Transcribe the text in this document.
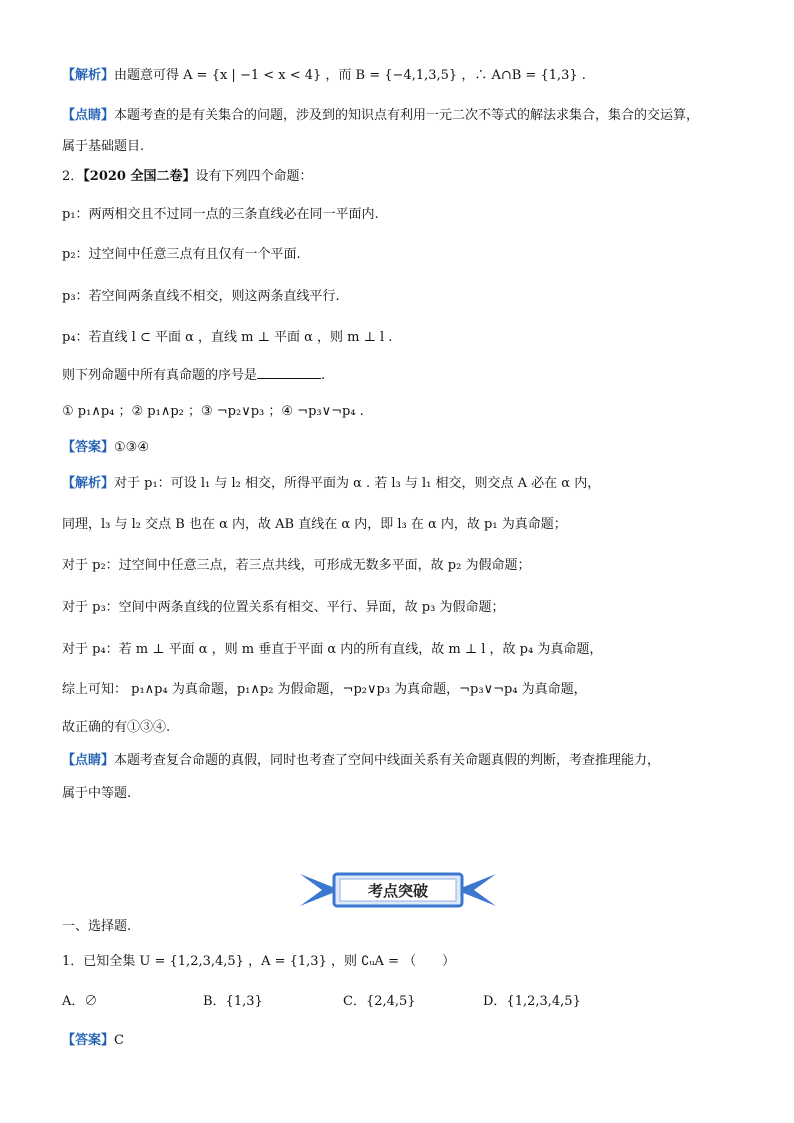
【解析】由题意可得 A = {x | −1 < x < 4} ，而 B = {−4,1,3,5} ，∴ A∩B = {1,3} .
【点睛】本题考查的是有关集合的问题，涉及到的知识点有利用一元二次不等式的解法求集合，集合的交运算，
属于基础题目.
2．【2020 全国二卷】设有下列四个命题：
p₁：两两相交且不过同一点的三条直线必在同一平面内.
p₂：过空间中任意三点有且仅有一个平面.
p₃：若空间两条直线不相交，则这两条直线平行.
p₄：若直线 l ⊂ 平面 α ，直线 m ⊥ 平面 α ，则 m ⊥ l .
则下列命题中所有真命题的序号是	.
① p₁∧p₄ ；② p₁∧p₂ ；③ ¬p₂∨p₃ ；④ ¬p₃∨¬p₄ .
【答案】①③④
【解析】对于 p₁：可设 l₁ 与 l₂ 相交，所得平面为 α . 若 l₃ 与 l₁ 相交，则交点 A 必在 α 内，
同理，l₃ 与 l₂ 交点 B 也在 α 内，故 AB 直线在 α 内，即 l₃ 在 α 内，故 p₁ 为真命题；
对于 p₂：过空间中任意三点，若三点共线，可形成无数多平面，故 p₂ 为假命题；
对于 p₃：空间中两条直线的位置关系有相交、平行、异面，故 p₃ 为假命题；
对于 p₄：若 m ⊥ 平面 α ，则 m 垂直于平面 α 内的所有直线，故 m ⊥ l ，故 p₄ 为真命题，
综上可知： p₁∧p₄ 为真命题，p₁∧p₂ 为假命题，¬p₂∨p₃ 为真命题，¬p₃∨¬p₄ 为真命题，
故正确的有①③④.
【点睛】本题考查复合命题的真假，同时也考查了空间中线面关系有关命题真假的判断，考查推理能力，
属于中等题.
考点突破
一、选择题.
1．已知全集 U = {1,2,3,4,5} ，A = {1,3} ，则 ∁ᵤA = （　　）
A．∅	B．{1,3}	C．{2,4,5}	D．{1,2,3,4,5}
【答案】C
